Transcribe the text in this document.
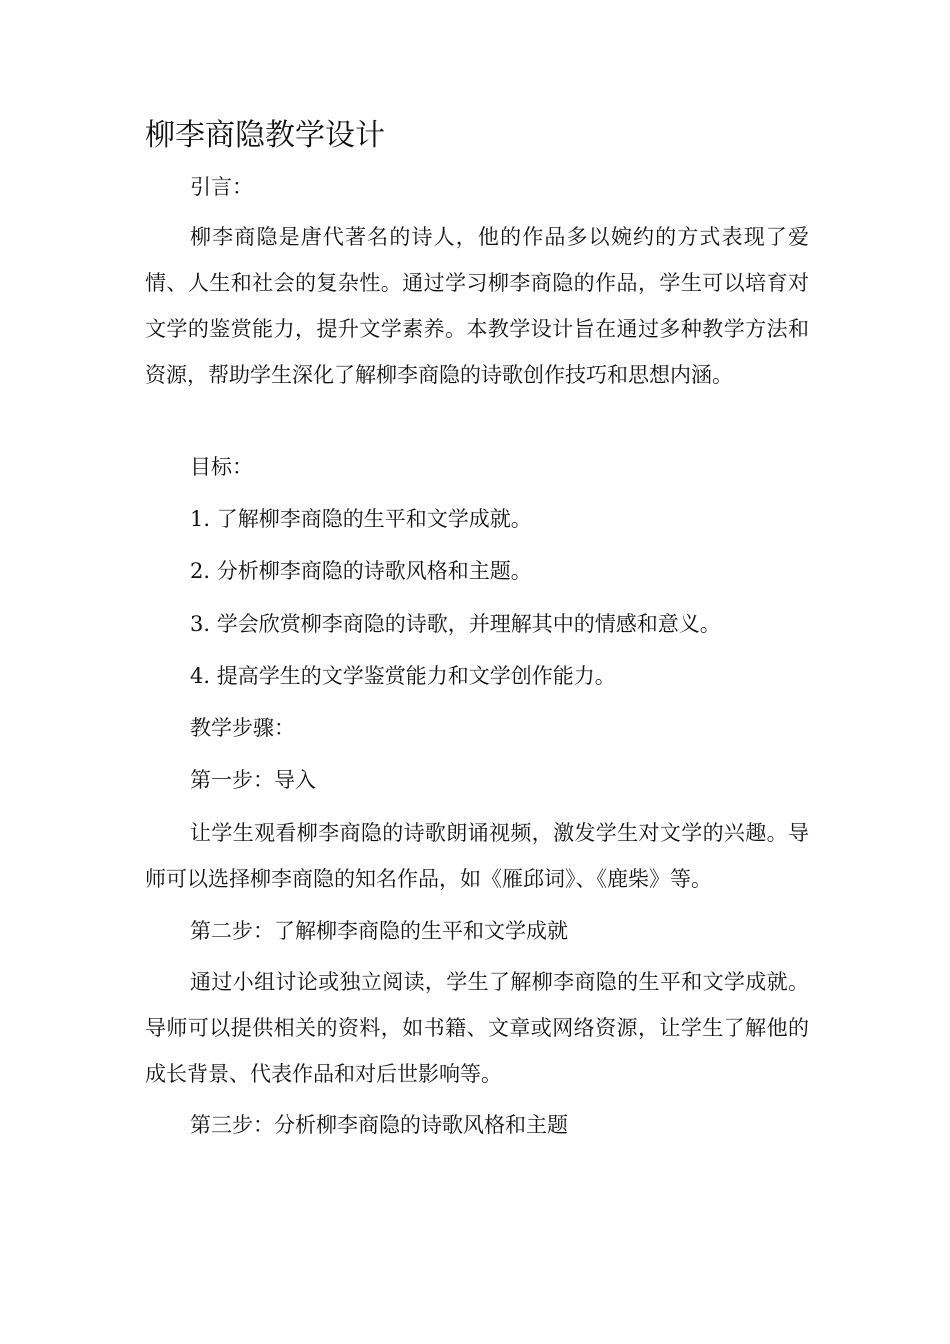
柳李商隐教学设计

引言：

柳李商隐是唐代著名的诗人，他的作品多以婉约的方式表现了爱情、人生和社会的复杂性。通过学习柳李商隐的作品，学生可以培育对文学的鉴赏能力，提升文学素养。本教学设计旨在通过多种教学方法和资源，帮助学生深化了解柳李商隐的诗歌创作技巧和思想内涵。

目标：

1. 了解柳李商隐的生平和文学成就。

2. 分析柳李商隐的诗歌风格和主题。

3. 学会欣赏柳李商隐的诗歌，并理解其中的情感和意义。

4. 提高学生的文学鉴赏能力和文学创作能力。

教学步骤：

第一步：导入

让学生观看柳李商隐的诗歌朗诵视频，激发学生对文学的兴趣。导师可以选择柳李商隐的知名作品，如《雁邱词》、《鹿柴》等。

第二步：了解柳李商隐的生平和文学成就

通过小组讨论或独立阅读，学生了解柳李商隐的生平和文学成就。导师可以提供相关的资料，如书籍、文章或网络资源，让学生了解他的成长背景、代表作品和对后世影响等。

第三步：分析柳李商隐的诗歌风格和主题
